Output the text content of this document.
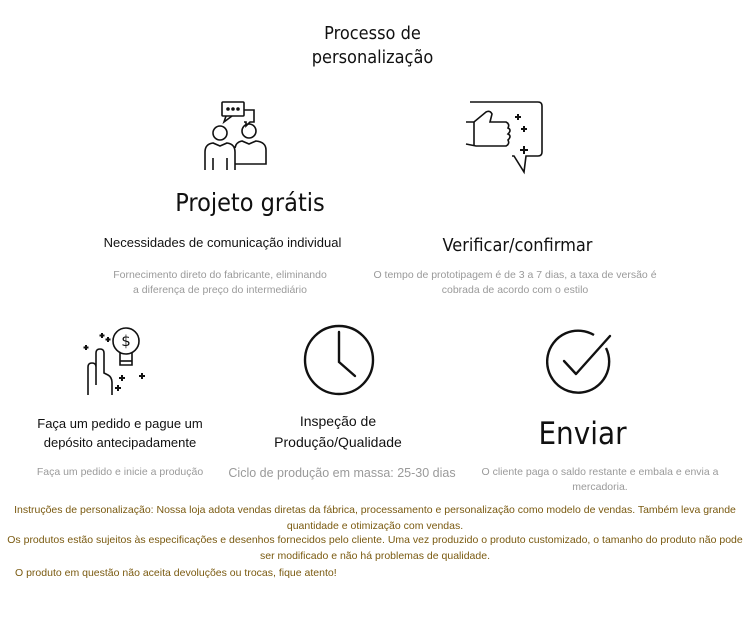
Processo de personalização
Projeto grátis
Necessidades de comunicação individual
Fornecimento direto do fabricante, eliminando a diferença de preço do intermediário
Verificar/confirmar
O tempo de prototipagem é de 3 a 7 dias, a taxa de versão é cobrada de acordo com o estilo
$
Faça um pedido e pague um depósito antecipadamente
Faça um pedido e inicie a produção
Inspeção de Produção/Qualidade
Ciclo de produção em massa: 25-30 dias
Enviar
O cliente paga o saldo restante e embala e envia a mercadoria.
Instruções de personalização: Nossa loja adota vendas diretas da fábrica, processamento e personalização como modelo de vendas. Também leva grande quantidade e otimização com vendas.
Os produtos estão sujeitos às especificações e desenhos fornecidos pelo cliente. Uma vez produzido o produto customizado, o tamanho do produto não pode ser modificado e não há problemas de qualidade.
O produto em questão não aceita devoluções ou trocas, fique atento!
